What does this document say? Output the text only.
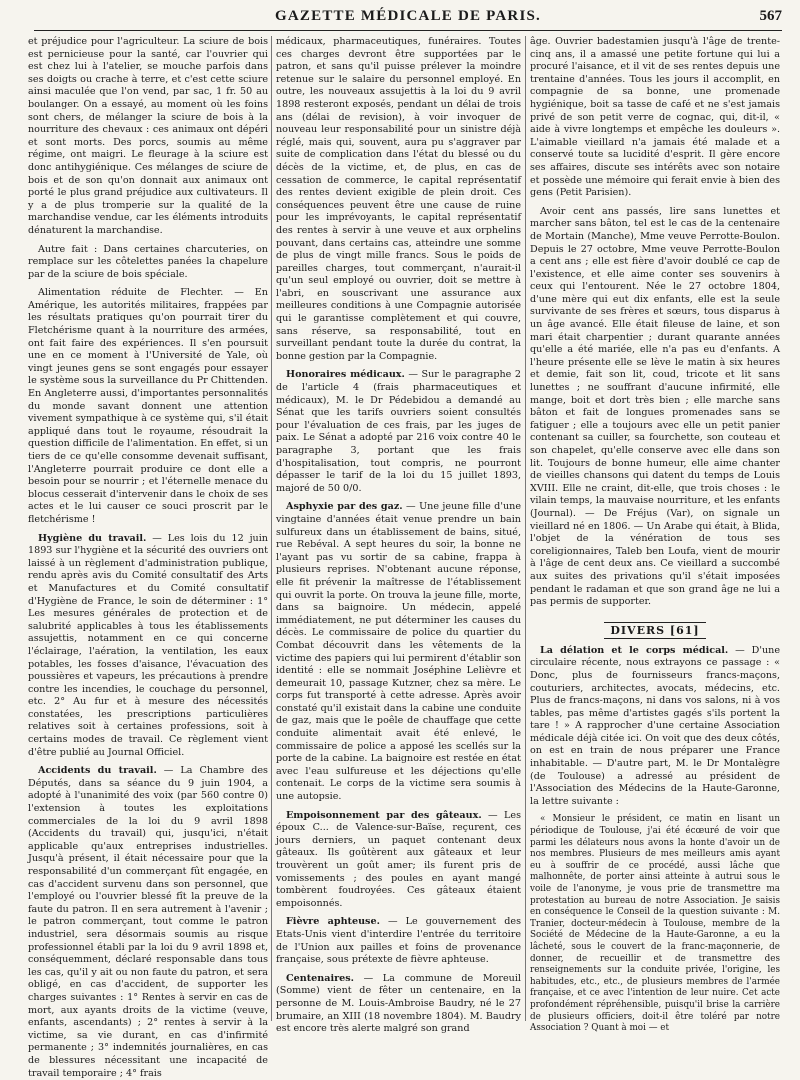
GAZETTE MÉDICALE DE PARIS.	567

et préjudice pour l'agriculteur. La sciure de bois est pernicieuse pour la santé, car l'ouvrier qui est chez lui à l'atelier, se mouche parfois dans ses doigts ou crache à terre, et c'est cette sciure ainsi maculée que l'on vend, par sac, 1 fr. 50 au boulanger. On a essayé, au moment où les foins sont chers, de mélanger la sciure de bois à la nourriture des chevaux : ces animaux ont dépéri et sont morts. Des porcs, soumis au même régime, ont maigri. Le fleurage à la sciure est donc antihygiénique. Ces mélanges de sciure de bois et de son qu'on donnait aux animaux ont porté le plus grand préjudice aux cultivateurs. Il y a de plus tromperie sur la qualité de la marchandise vendue, car les éléments introduits dénaturent la marchandise.

Autre fait : Dans certaines charcuteries, on remplace sur les côtelettes panées la chapelure par de la sciure de bois spéciale.

Alimentation réduite de Flechter. — En Amérique, les autorités militaires, frappées par les résultats pratiques qu'on pourrait tirer du Fletchérisme quant à la nourriture des armées, ont fait faire des expériences. Il s'en poursuit une en ce moment à l'Université de Yale, où vingt jeunes gens se sont engagés pour essayer le système sous la surveillance du Pr Chittenden. En Angleterre aussi, d'importantes personnalités du monde savant donnent une attention vivement sympathique à ce système qui, s'il était appliqué dans tout le royaume, résoudrait la question difficile de l'alimentation. En effet, si un tiers de ce qu'elle consomme devenait suffisant, l'Angleterre pourrait produire ce dont elle a besoin pour se nourrir ; et l'éternelle menace du blocus cesserait d'intervenir dans le choix de ses actes et le lui causer ce souci proscrit par le fletchérisme !

Hygiène du travail. — Les lois du 12 juin 1893 sur l'hygiène et la sécurité des ouvriers ont laissé à un règlement d'administration publique, rendu après avis du Comité consultatif des Arts et Manufactures et du Comité consultatif d'Hygiène de France, le soin de déterminer : 1° Les mesures générales de protection et de salubrité applicables à tous les établissements assujettis, notamment en ce qui concerne l'éclairage, l'aération, la ventilation, les eaux potables, les fosses d'aisance, l'évacuation des poussières et vapeurs, les précautions à prendre contre les incendies, le couchage du personnel, etc. 2° Au fur et à mesure des nécessités constatées, les prescriptions particulières relatives soit à certaines professions, soit à certains modes de travail. Ce règlement vient d'être publié au Journal Officiel.

Accidents du travail. — La Chambre des Députés, dans sa séance du 9 juin 1904, a adopté à l'unanimité des voix (par 560 contre 0) l'extension à toutes les exploitations commerciales de la loi du 9 avril 1898 (Accidents du travail) qui, jusqu'ici, n'était applicable qu'aux entreprises industrielles. Jusqu'à présent, il était nécessaire pour que la responsabilité d'un commerçant fût engagée, en cas d'accident survenu dans son personnel, que l'employé ou l'ouvrier blessé fît la preuve de la faute du patron. Il en sera autrement à l'avenir ; le patron commerçant, tout comme le patron industriel, sera désormais soumis au risque professionnel établi par la loi du 9 avril 1898 et, conséquemment, déclaré responsable dans tous les cas, qu'il y ait ou non faute du patron, et sera obligé, en cas d'accident, de supporter les charges suivantes : 1° Rentes à servir en cas de mort, aux ayants droits de la victime (veuve, enfants, ascendants) ; 2° rentes à servir à la victime, sa vie durant, en cas d'infirmité permanente ; 3° indemnités journalières, en cas de blessures nécessitant une incapacité de travail temporaire ; 4° frais

médicaux, pharmaceutiques, funéraires. Toutes ces charges devront être supportées par le patron, et sans qu'il puisse prélever la moindre retenue sur le salaire du personnel employé. En outre, les nouveaux assujettis à la loi du 9 avril 1898 resteront exposés, pendant un délai de trois ans (délai de revision), à voir invoquer de nouveau leur responsabilité pour un sinistre déjà réglé, mais qui, souvent, aura pu s'aggraver par suite de complication dans l'état du blessé ou du décès de la victime, et, de plus, en cas de cessation de commerce, le capital représentatif des rentes devient exigible de plein droit. Ces conséquences peuvent être une cause de ruine pour les imprévoyants, le capital représentatif des rentes à servir à une veuve et aux orphelins pouvant, dans certains cas, atteindre une somme de plus de vingt mille francs. Sous le poids de pareilles charges, tout commerçant, n'aurait-il qu'un seul employé ou ouvrier, doit se mettre à l'abri, en souscrivant une assurance aux meilleures conditions à une Compagnie autorisée qui le garantisse complètement et qui couvre, sans réserve, sa responsabilité, tout en surveillant pendant toute la durée du contrat, la bonne gestion par la Compagnie.

Honoraires médicaux. — Sur le paragraphe 2 de l'article 4 (frais pharmaceutiques et médicaux), M. le Dr Pédebidou a demandé au Sénat que les tarifs ouvriers soient consultés pour l'évaluation de ces frais, par les juges de paix. Le Sénat a adopté par 216 voix contre 40 le paragraphe 3, portant que les frais d'hospitalisation, tout compris, ne pourront dépasser le tarif de la loi du 15 juillet 1893, majoré de 50 0/0.

Asphyxie par des gaz. — Une jeune fille d'une vingtaine d'années était venue prendre un bain sulfureux dans un établissement de bains, situé, rue Rebéval. A sept heures du soir, la bonne ne l'ayant pas vu sortir de sa cabine, frappa à plusieurs reprises. N'obtenant aucune réponse, elle fit prévenir la maîtresse de l'établissement qui ouvrit la porte. On trouva la jeune fille, morte, dans sa baignoire. Un médecin, appelé immédiatement, ne put déterminer les causes du décès. Le commissaire de police du quartier du Combat découvrit dans les vêtements de la victime des papiers qui lui permirent d'établir son identité : elle se nommait Joséphine Lelièvre et demeurait 10, passage Kutzner, chez sa mère. Le corps fut transporté à cette adresse. Après avoir constaté qu'il existait dans la cabine une conduite de gaz, mais que le poêle de chauffage que cette conduite alimentait avait été enlevé, le commissaire de police a apposé les scellés sur la porte de la cabine. La baignoire est restée en état avec l'eau sulfureuse et les déjections qu'elle contenait. Le corps de la victime sera soumis à une autopsie.

Empoisonnement par des gâteaux. — Les époux C... de Valence-sur-Baïse, reçurent, ces jours derniers, un paquet contenant deux gâteaux. Ils goûtèrent aux gâteaux et leur trouvèrent un goût amer; ils furent pris de vomissements ; des poules en ayant mangé tombèrent foudroyées. Ces gâteaux étaient empoisonnés.

Fièvre aphteuse. — Le gouvernement des Etats-Unis vient d'interdire l'entrée du territoire de l'Union aux pailles et foins de provenance française, sous prétexte de fièvre aphteuse.

Centenaires. — La commune de Moreuil (Somme) vient de fêter un centenaire, en la personne de M. Louis-Ambroise Baudry, né le 27 brumaire, an XIII (18 novembre 1804). M. Baudry est encore très alerte malgré son grand

âge. Ouvrier badestamien jusqu'à l'âge de trente-cinq ans, il a amassé une petite fortune qui lui a procuré l'aisance, et il vit de ses rentes depuis une trentaine d'années. Tous les jours il accomplit, en compagnie de sa bonne, une promenade hygiénique, boit sa tasse de café et ne s'est jamais privé de son petit verre de cognac, qui, dit-il, « aide à vivre longtemps et empêche les douleurs ». L'aimable vieillard n'a jamais été malade et a conservé toute sa lucidité d'esprit. Il gère encore ses affaires, discute ses intérêts avec son notaire et possède une mémoire qui ferait envie à bien des gens (Petit Parisien).

Avoir cent ans passés, lire sans lunettes et marcher sans bâton, tel est le cas de la centenaire de Mortain (Manche), Mme veuve Perrotte-Boulon. Depuis le 27 octobre, Mme veuve Perrotte-Boulon a cent ans ; elle est fière d'avoir doublé ce cap de l'existence, et elle aime conter ses souvenirs à ceux qui l'entourent. Née le 27 octobre 1804, d'une mère qui eut dix enfants, elle est la seule survivante de ses frères et sœurs, tous disparus à un âge avancé. Elle était fileuse de laine, et son mari était charpentier ; durant quarante années qu'elle a été mariée, elle n'a pas eu d'enfants. A l'heure présente elle se lève le matin à six heures et demie, fait son lit, coud, tricote et lit sans lunettes ; ne souffrant d'aucune infirmité, elle mange, boit et dort très bien ; elle marche sans bâton et fait de longues promenades sans se fatiguer ; elle a toujours avec elle un petit panier contenant sa cuiller, sa fourchette, son couteau et son chapelet, qu'elle conserve avec elle dans son lit. Toujours de bonne humeur, elle aime chanter de vieilles chansons qui datent du temps de Louis XVIII. Elle ne craint, dit-elle, que trois choses : le vilain temps, la mauvaise nourriture, et les enfants (Journal). — De Fréjus (Var), on signale un vieillard né en 1806. — Un Arabe qui était, à Blida, l'objet de la vénération de tous ses coreligionnaires, Taleb ben Loufa, vient de mourir à l'âge de cent deux ans. Ce vieillard a succombé aux suites des privations qu'il s'était imposées pendant le radaman et que son grand âge ne lui a pas permis de supporter.

DIVERS [61]

La délation et le corps médical. — D'une circulaire récente, nous extrayons ce passage : « Donc, plus de fournisseurs francs-maçons, couturiers, architectes, avocats, médecins, etc. Plus de francs-maçons, ni dans vos salons, ni à vos tables, pas même d'artistes gagés s'ils portent la tare ! » A rapprocher d'une certaine Association médicale déjà citée ici. On voit que des deux côtés, on est en train de nous préparer une France inhabitable. — D'autre part, M. le Dr Montalègre (de Toulouse) a adressé au président de l'Association des Médecins de la Haute-Garonne, la lettre suivante :

« Monsieur le président, ce matin en lisant un périodique de Toulouse, j'ai été écœuré de voir que parmi les délateurs nous avons la honte d'avoir un de nos membres. Plusieurs de mes meilleurs amis ayant eu à souffrir de ce procédé, aussi lâche que malhonnête, de porter ainsi atteinte à autrui sous le voile de l'anonyme, je vous prie de transmettre ma protestation au bureau de notre Association. Je saisis en conséquence le Conseil de la question suivante : M. Tranier, docteur-médecin à Toulouse, membre de la Société de Médecine de la Haute-Garonne, a eu la lâcheté, sous le couvert de la franc-maçonnerie, de donner, de recueillir et de transmettre des renseignements sur la conduite privée, l'origine, les habitudes, etc., etc., de plusieurs membres de l'armée française, et ce avec l'intention de leur nuire. Cet acte profondément répréhensible, puisqu'il brise la carrière de plusieurs officiers, doit-il être toléré par notre Association ? Quant à moi — et
